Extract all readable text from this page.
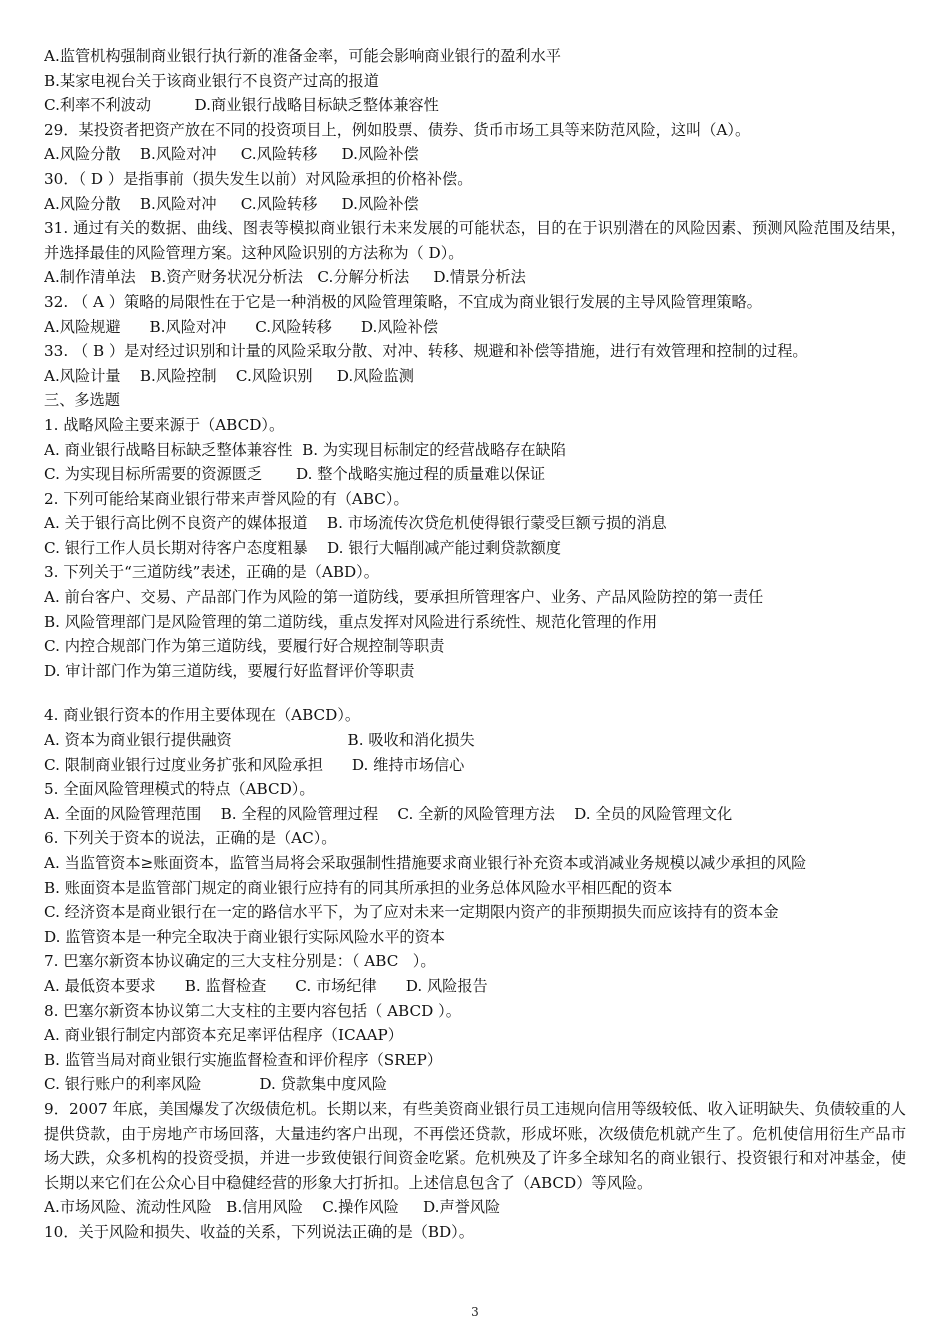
A.监管机构强制商业银行执行新的准备金率，可能会影响商业银行的盈利水平
B.某家电视台关于该商业银行不良资产过高的报道
C.利率不利波动         D.商业银行战略目标缺乏整体兼容性
29．某投资者把资产放在不同的投资项目上，例如股票、债券、货币市场工具等来防范风险，这叫（A）。
A.风险分散    B.风险对冲     C.风险转移     D.风险补偿
30．（ D ）是指事前（损失发生以前）对风险承担的价格补偿。
A.风险分散    B.风险对冲     C.风险转移     D.风险补偿
31. 通过有关的数据、曲线、图表等模拟商业银行未来发展的可能状态，目的在于识别潜在的风险因素、预测风险范围及结果，并选择最佳的风险管理方案。这种风险识别的方法称为（ D）。
A.制作清单法   B.资产财务状况分析法   C.分解分析法     D.情景分析法
32. （ A ）策略的局限性在于它是一种消极的风险管理策略，不宜成为商业银行发展的主导风险管理策略。
A.风险规避      B.风险对冲      C.风险转移      D.风险补偿
33. （ B ）是对经过识别和计量的风险采取分散、对冲、转移、规避和补偿等措施，进行有效管理和控制的过程。
A.风险计量    B.风险控制    C.风险识别     D.风险监测
三、多选题
1. 战略风险主要来源于（ABCD）。
A. 商业银行战略目标缺乏整体兼容性  B. 为实现目标制定的经营战略存在缺陷
C. 为实现目标所需要的资源匮乏       D. 整个战略实施过程的质量难以保证
2. 下列可能给某商业银行带来声誉风险的有（ABC）。
A. 关于银行高比例不良资产的媒体报道    B. 市场流传次贷危机使得银行蒙受巨额亏损的消息
C. 银行工作人员长期对待客户态度粗暴    D. 银行大幅削减产能过剩贷款额度
3. 下列关于“三道防线”表述，正确的是（ABD）。
A. 前台客户、交易、产品部门作为风险的第一道防线，要承担所管理客户、业务、产品风险防控的第一责任
B. 风险管理部门是风险管理的第二道防线，重点发挥对风险进行系统性、规范化管理的作用
C. 内控合规部门作为第三道防线，要履行好合规控制等职责
D. 审计部门作为第三道防线，要履行好监督评价等职责
4. 商业银行资本的作用主要体现在（ABCD）。
A. 资本为商业银行提供融资                        B. 吸收和消化损失
C. 限制商业银行过度业务扩张和风险承担      D. 维持市场信心
5. 全面风险管理模式的特点（ABCD）。
A. 全面的风险管理范围    B. 全程的风险管理过程    C. 全新的风险管理方法    D. 全员的风险管理文化
6. 下列关于资本的说法，正确的是（AC）。
A. 当监管资本≥账面资本，监管当局将会采取强制性措施要求商业银行补充资本或消减业务规模以减少承担的风险
B. 账面资本是监管部门规定的商业银行应持有的同其所承担的业务总体风险水平相匹配的资本
C. 经济资本是商业银行在一定的路信水平下，为了应对未来一定期限内资产的非预期损失而应该持有的资本金
D. 监管资本是一种完全取决于商业银行实际风险水平的资本
7. 巴塞尔新资本协议确定的三大支柱分别是：（ ABC   ）。
A. 最低资本要求      B. 监督检查      C. 市场纪律      D. 风险报告
8. 巴塞尔新资本协议第二大支柱的主要内容包括（ ABCD ）。
A. 商业银行制定内部资本充足率评估程序（ICAAP）
B. 监管当局对商业银行实施监督检查和评价程序（SREP）
C. 银行账户的利率风险            D. 贷款集中度风险
9．2007 年底，美国爆发了次级债危机。长期以来，有些美资商业银行员工违规向信用等级较低、收入证明缺失、负债较重的人提供贷款，由于房地产市场回落，大量违约客户出现，不再偿还贷款，形成坏账，次级债危机就产生了。危机使信用衍生产品市场大跌，众多机构的投资受损，并进一步致使银行间资金吃紧。危机殃及了许多全球知名的商业银行、投资银行和对冲基金，使长期以来它们在公众心目中稳健经营的形象大打折扣。上述信息包含了（ABCD）等风险。
A.市场风险、流动性风险   B.信用风险    C.操作风险     D.声誉风险
10．关于风险和损失、收益的关系，下列说法正确的是（BD）。
3
